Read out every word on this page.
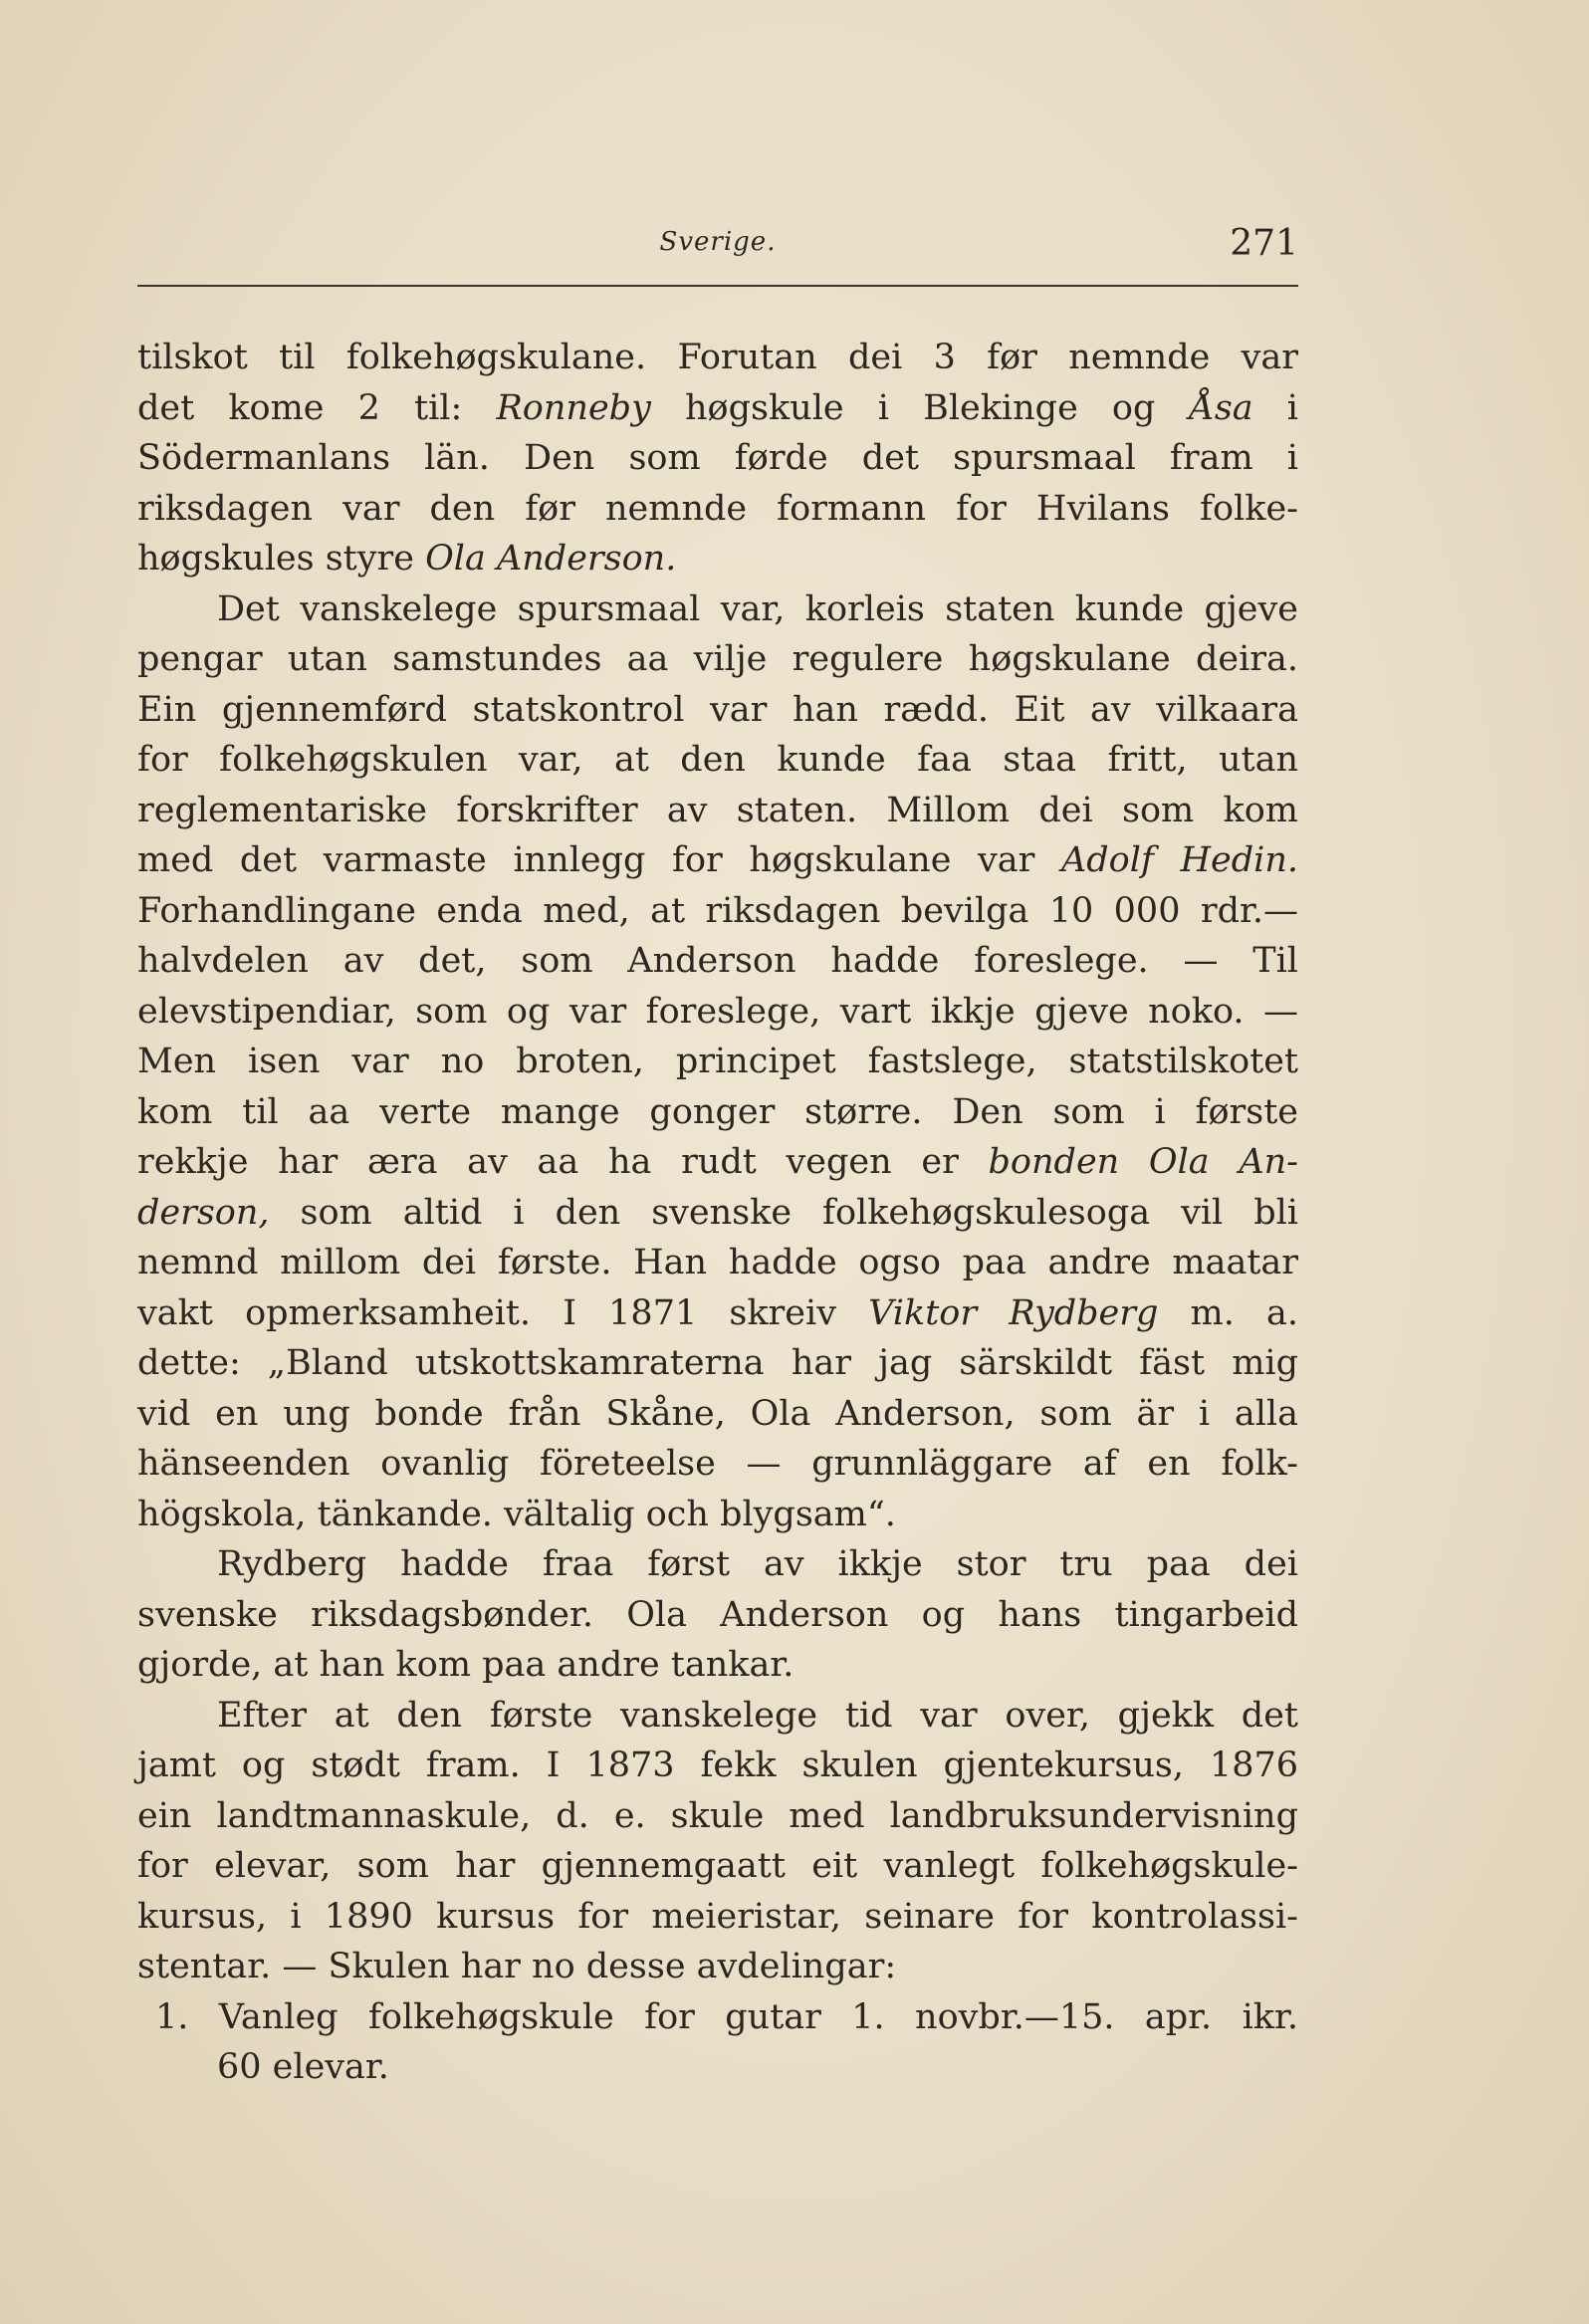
Sverige.	271
tilskot til folkehøgskulane. Forutan dei 3 før nemnde var
det kome 2 til: Ronneby høgskule i Blekinge og Åsa i
Södermanlans län. Den som førde det spursmaal fram i
riksdagen var den før nemnde formann for Hvilans folke-
høgskules styre Ola Anderson.
Det vanskelege spursmaal var, korleis staten kunde gjeve
pengar utan samstundes aa vilje regulere høgskulane deira.
Ein gjennemførd statskontrol var han rædd. Eit av vilkaara
for folkehøgskulen var, at den kunde faa staa fritt, utan
reglementariske forskrifter av staten. Millom dei som kom
med det varmaste innlegg for høgskulane var Adolf Hedin.
Forhandlingane enda med, at riksdagen bevilga 10 000 rdr.—
halvdelen av det, som Anderson hadde foreslege. — Til
elevstipendiar, som og var foreslege, vart ikkje gjeve noko. —
Men isen var no broten, principet fastslege, statstilskotet
kom til aa verte mange gonger større. Den som i første
rekkje har æra av aa ha rudt vegen er bonden Ola An-
derson, som altid i den svenske folkehøgskulesoga vil bli
nemnd millom dei første. Han hadde ogso paa andre maatar
vakt opmerksamheit. I 1871 skreiv Viktor Rydberg m. a.
dette: „Bland utskottskamraterna har jag särskildt fäst mig
vid en ung bonde från Skåne, Ola Anderson, som är i alla
hänseenden ovanlig företeelse — grunnläggare af en folk-
högskola, tänkande. vältalig och blygsam“.
Rydberg hadde fraa først av ikkje stor tru paa dei
svenske riksdagsbønder. Ola Anderson og hans tingarbeid
gjorde, at han kom paa andre tankar.
Efter at den første vanskelege tid var over, gjekk det
jamt og stødt fram. I 1873 fekk skulen gjentekursus, 1876
ein landtmannaskule, d. e. skule med landbruksundervisning
for elevar, som har gjennemgaatt eit vanlegt folkehøgskule-
kursus, i 1890 kursus for meieristar, seinare for kontrolassi-
stentar. — Skulen har no desse avdelingar:
1. Vanleg folkehøgskule for gutar 1. novbr.—15. apr. ikr.
60 elevar.
